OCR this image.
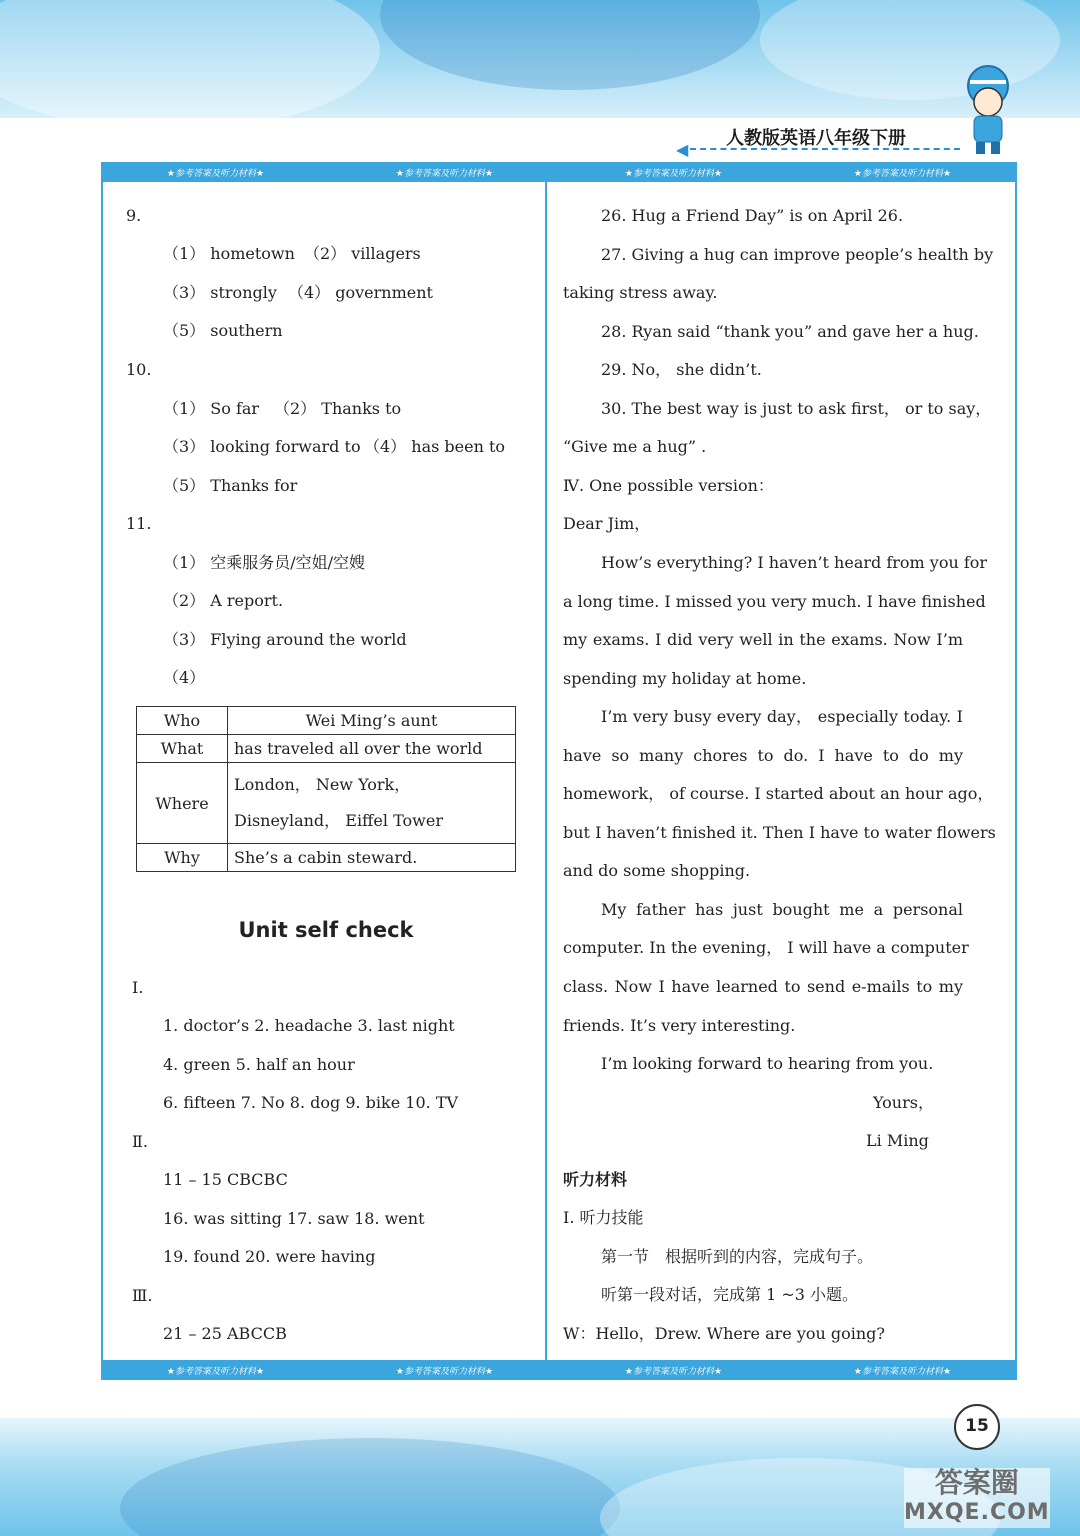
人教版英语八年级下册
◀
★参考答案及听力材料★	★参考答案及听力材料★	★参考答案及听力材料★	★参考答案及听力材料★
★参考答案及听力材料★	★参考答案及听力材料★	★参考答案及听力材料★	★参考答案及听力材料★
9.
（1） hometown （2） villagers
（3） strongly （4） government
（5） southern
10.
（1） So far （2） Thanks to
（3） looking forward to （4） has been to
（5） Thanks for
11.
（1） 空乘服务员/空姐/空嫂
（2） A report.
（3） Flying around the world
（4）
Who	Wei Ming’s aunt
What	has traveled all over the world
Where	London， New York， Disneyland， Eiffel Tower
Why	She’s a cabin steward.
Unit self check
Ⅰ.
1. doctor’s 2. headache 3. last night
4. green 5. half an hour
6. fifteen 7. No 8. dog 9. bike 10. TV
Ⅱ.
11 – 15 CBCBC
16. was sitting 17. saw 18. went
19. found 20. were having
Ⅲ.
21 – 25 ABCCB
26. Hug a Friend Day” is on April 26.
27. Giving a hug can improve people’s health by
taking stress away.
28. Ryan said “thank you” and gave her a hug.
29. No， she didn’t.
30. The best way is just to ask first， or to say，
“Give me a hug” .
Ⅳ. One possible version：
Dear Jim，
How’s everything? I haven’t heard from you for
a long time. I missed you very much. I have finished
my exams. I did very well in the exams. Now I’m
spending my holiday at home.
I’m very busy every day， especially today. I
have so many chores to do. I have to do my
homework， of course. I started about an hour ago，
but I haven’t finished it. Then I have to water flowers
and do some shopping.
My father has just bought me a personal
computer. In the evening， I will have a computer
class. Now I have learned to send e-mails to my
friends. It’s very interesting.
I’m looking forward to hearing from you.
Yours，
Li Ming
听力材料
Ⅰ. 听力技能
第一节　根据听到的内容，完成句子。
听第一段对话，完成第 1 ~3 小题。
W：Hello，Drew. Where are you going?
15
答案圈
MXQE.COM
